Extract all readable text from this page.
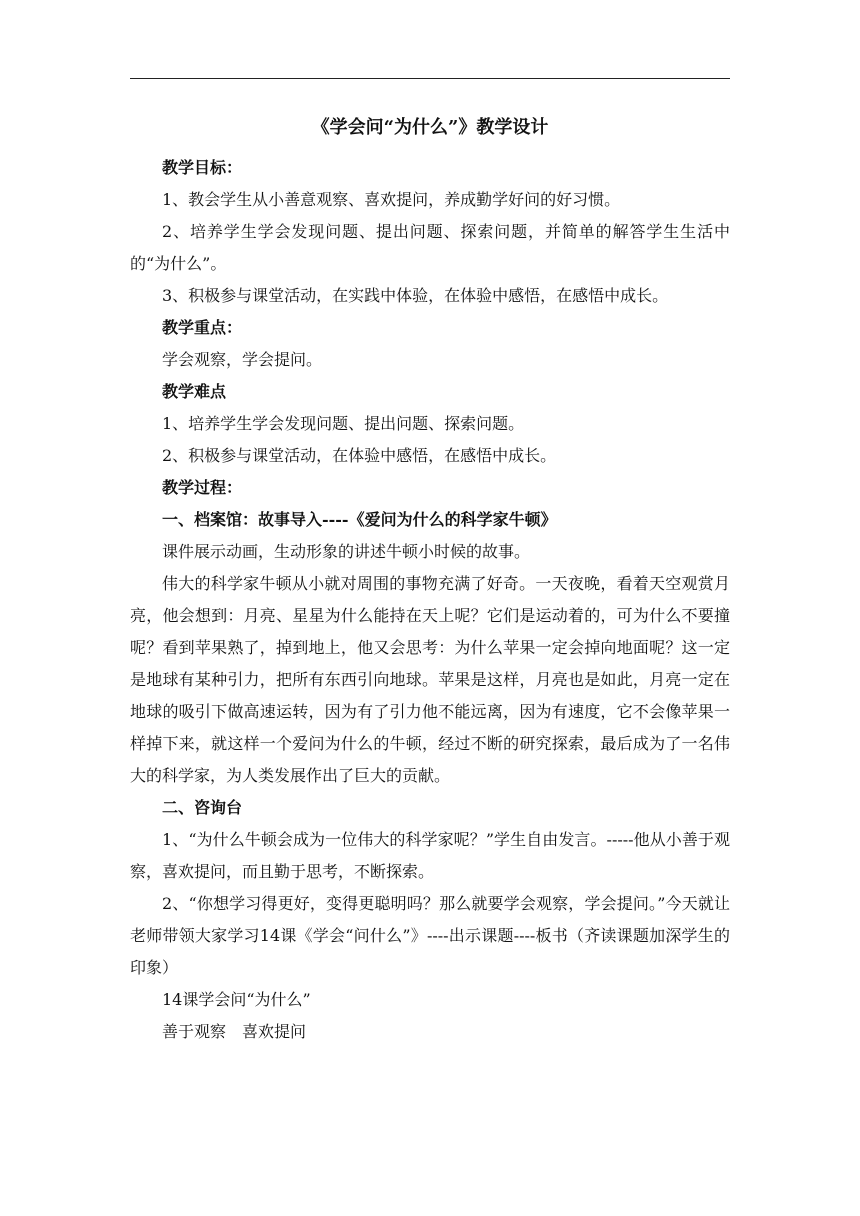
《学会问“为什么”》教学设计

教学目标：

1、教会学生从小善意观察、喜欢提问，养成勤学好问的好习惯。

2、培养学生学会发现问题、提出问题、探索问题，并简单的解答学生生活中的“为什么”。

3、积极参与课堂活动，在实践中体验，在体验中感悟，在感悟中成长。

教学重点：

学会观察，学会提问。

教学难点

1、培养学生学会发现问题、提出问题、探索问题。

2、积极参与课堂活动，在体验中感悟，在感悟中成长。

教学过程：

一、档案馆：故事导入----《爱问为什么的科学家牛顿》

课件展示动画，生动形象的讲述牛顿小时候的故事。

伟大的科学家牛顿从小就对周围的事物充满了好奇。一天夜晚，看着天空观赏月亮，他会想到：月亮、星星为什么能持在天上呢？它们是运动着的，可为什么不要撞呢？看到苹果熟了，掉到地上，他又会思考：为什么苹果一定会掉向地面呢？这一定是地球有某种引力，把所有东西引向地球。苹果是这样，月亮也是如此，月亮一定在地球的吸引下做高速运转，因为有了引力他不能远离，因为有速度，它不会像苹果一样掉下来，就这样一个爱问为什么的牛顿，经过不断的研究探索，最后成为了一名伟大的科学家，为人类发展作出了巨大的贡献。

二、咨询台

1、“为什么牛顿会成为一位伟大的科学家呢？”学生自由发言。-----他从小善于观察，喜欢提问，而且勤于思考，不断探索。

2、“你想学习得更好，变得更聪明吗？那么就要学会观察，学会提问。”今天就让老师带领大家学习14课《学会“问什么”》----出示课题----板书（齐读课题加深学生的印象）

14课学会问“为什么”

善于观察　喜欢提问
